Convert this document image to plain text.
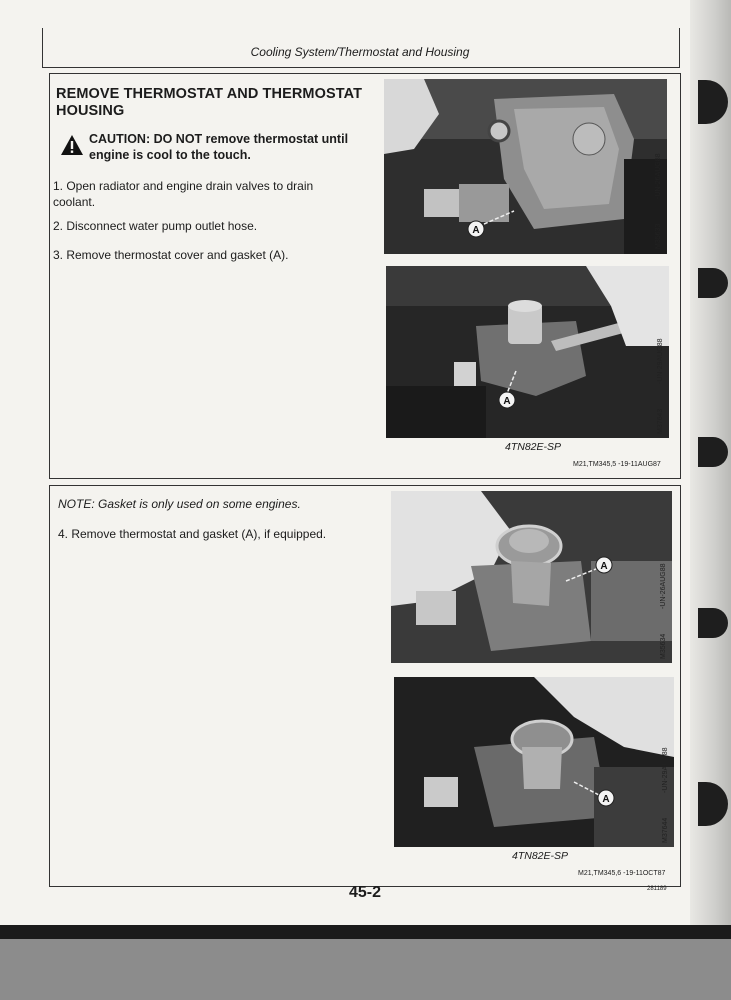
Cooling System/Thermostat and Housing
REMOVE THERMOSTAT AND THERMOSTAT HOUSING
CAUTION: DO NOT remove thermostat until engine is cool to the touch.
1. Open radiator and engine drain valves to drain coolant.
2. Disconnect water pump outlet hose.
3. Remove thermostat cover and gasket (A).
A	M35633
-UN-26AUG88
A
M37643
-UN-29AUG88
4TN82E-SP
M21,TM345,5 -19-11AUG87
NOTE: Gasket is only used on some engines.
4. Remove thermostat and gasket (A), if equipped.
A
M35634
-UN-26AUG88
A
M37644
-UN-29AUG88
4TN82E-SP
M21,TM345,6 -19-11OCT87
45-2	281189
